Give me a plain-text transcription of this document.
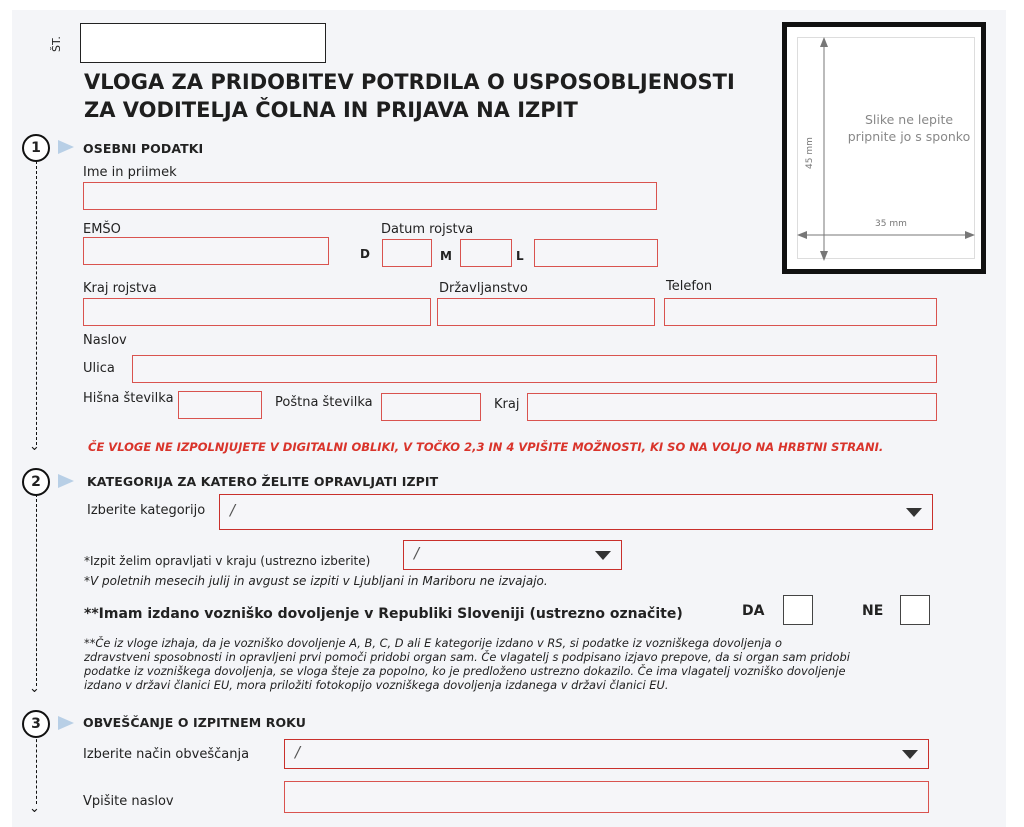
ŠT.
VLOGA ZA PRIDOBITEV POTRDILA O USPOSOBLJENOSTI
ZA VODITELJA ČOLNA IN PRIJAVA NA IZPIT	Slike ne lepite pripnite jo s sponko
45 mm
35 mm
⌄
⌄
⌄
1	OSEBNI PODATKI
Ime in priimek
EMŠO	Datum rojstva
D	M	L
Kraj rojstva	Državljanstvo	Telefon
Naslov
Ulica
Hišna številka	Poštna številka	Kraj
ČE VLOGE NE IZPOLNJUJETE V DIGITALNI OBLIKI, V TOČKO 2,3 IN 4 VPIŠITE MOŽNOSTI, KI SO NA VOLJO NA HRBTNI STRANI.
2	KATEGORIJA ZA KATERO ŽELITE OPRAVLJATI IZPIT
Izberite kategorijo /
*Izpit želim opravljati v kraju (ustrezno izberite)	/
*V poletnih mesecih julij in avgust se izpiti v Ljubljani in Mariboru ne izvajajo.
**Imam izdano vozniško dovoljenje v Republiki Sloveniji (ustrezno označite)	DA	NE
**Če iz vloge izhaja, da je vozniško dovoljenje A, B, C, D ali E kategorije izdano v RS, si podatke iz vozniškega dovoljenja o
zdravstveni sposobnosti in opravljeni prvi pomoči pridobi organ sam. Če vlagatelj s podpisano izjavo prepove, da si organ sam pridobi
podatke iz vozniškega dovoljenja, se vloga šteje za popolno, ko je predloženo ustrezno dokazilo. Če ima vlagatelj vozniško dovoljenje
izdano v državi članici EU, mora priložiti fotokopijo vozniškega dovoljenja izdanega v državi članici EU.
3	OBVEŠČANJE O IZPITNEM ROKU
Izberite način obveščanja	/
Vpišite naslov
